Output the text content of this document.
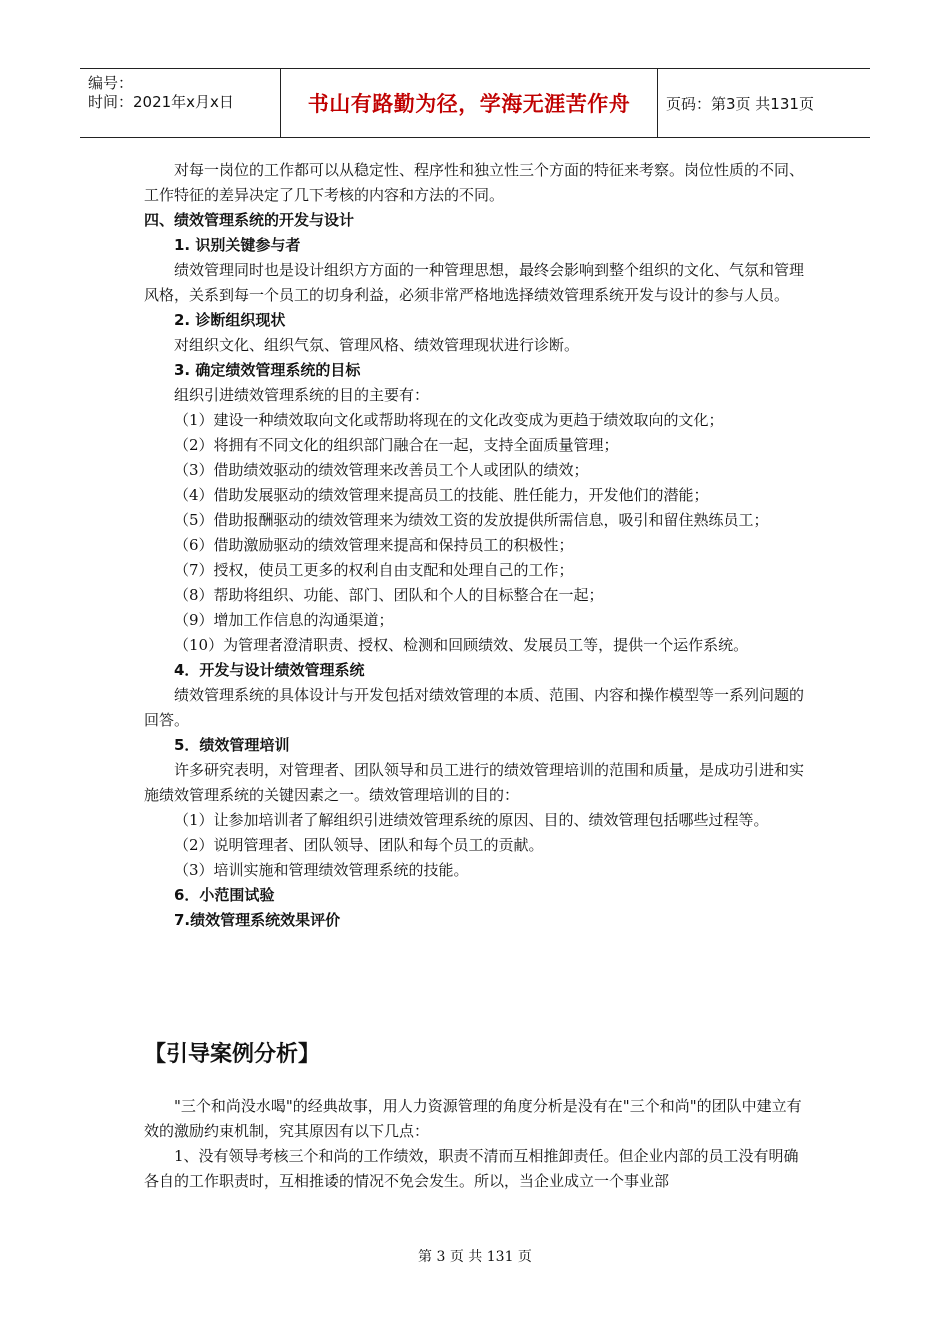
编号：
时间：2021年x月x日	书山有路勤为径，学海无涯苦作舟	页码：第3页 共131页

对每一岗位的工作都可以从稳定性、程序性和独立性三个方面的特征来考察。岗位性质的不同、工作特征的差异决定了几下考核的内容和方法的不同。

四、绩效管理系统的开发与设计

1. 识别关键参与者

绩效管理同时也是设计组织方方面的一种管理思想，最终会影响到整个组织的文化、气氛和管理风格，关系到每一个员工的切身利益，必须非常严格地选择绩效管理系统开发与设计的参与人员。

2. 诊断组织现状

对组织文化、组织气氛、管理风格、绩效管理现状进行诊断。

3. 确定绩效管理系统的目标

组织引进绩效管理系统的目的主要有：

（1）建设一种绩效取向文化或帮助将现在的文化改变成为更趋于绩效取向的文化；

（2）将拥有不同文化的组织部门融合在一起，支持全面质量管理；

（3）借助绩效驱动的绩效管理来改善员工个人或团队的绩效；

（4）借助发展驱动的绩效管理来提高员工的技能、胜任能力，开发他们的潜能；

（5）借助报酬驱动的绩效管理来为绩效工资的发放提供所需信息，吸引和留住熟练员工；

（6）借助激励驱动的绩效管理来提高和保持员工的积极性；

（7）授权，使员工更多的权利自由支配和处理自己的工作；

（8）帮助将组织、功能、部门、团队和个人的目标整合在一起；

（9）增加工作信息的沟通渠道；

（10）为管理者澄清职责、授权、检测和回顾绩效、发展员工等，提供一个运作系统。

4．开发与设计绩效管理系统

绩效管理系统的具体设计与开发包括对绩效管理的本质、范围、内容和操作模型等一系列问题的回答。

5．绩效管理培训

许多研究表明，对管理者、团队领导和员工进行的绩效管理培训的范围和质量，是成功引进和实施绩效管理系统的关键因素之一。绩效管理培训的目的：

（1）让参加培训者了解组织引进绩效管理系统的原因、目的、绩效管理包括哪些过程等。

（2）说明管理者、团队领导、团队和每个员工的贡献。

（3）培训实施和管理绩效管理系统的技能。

6．小范围试验

7.绩效管理系统效果评价

【引导案例分析】

"三个和尚没水喝"的经典故事，用人力资源管理的角度分析是没有在"三个和尚"的团队中建立有效的激励约束机制，究其原因有以下几点：

1、没有领导考核三个和尚的工作绩效，职责不清而互相推卸责任。但企业内部的员工没有明确各自的工作职责时，互相推诿的情况不免会发生。所以，当企业成立一个事业部

第 3 页 共 131 页
